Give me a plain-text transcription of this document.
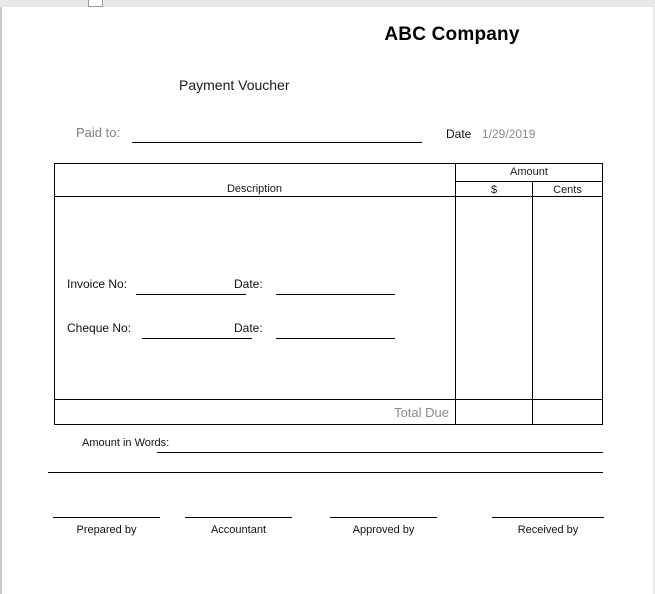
ABC Company
Payment Voucher
Paid to:	Date 1/29/2019
Description
Amount
$	Cents
Invoice No:	Date:
Cheque No:	Date:
Total Due
Amount in Words:
Prepared by	Accountant	Approved by	Received by
